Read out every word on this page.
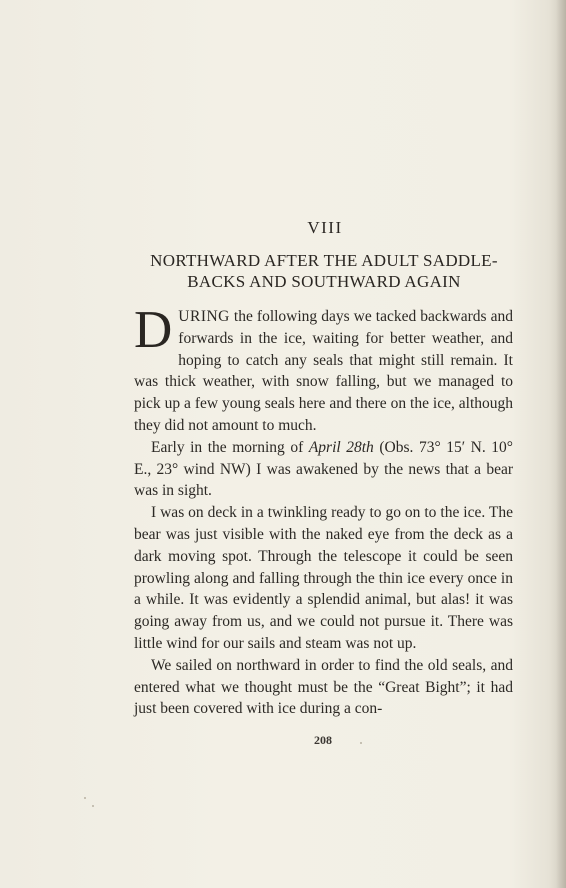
VIII
NORTHWARD AFTER THE ADULT SADDLE-
BACKS AND SOUTHWARD AGAIN

DURING the following days we tacked backwards and forwards in the ice, waiting for better weather, and hoping to catch any seals that might still remain. It was thick weather, with snow falling, but we managed to pick up a few young seals here and there on the ice, although they did not amount to much.

Early in the morning of April 28th (Obs. 73° 15′ N. 10° E., 23° wind NW) I was awakened by the news that a bear was in sight.

I was on deck in a twinkling ready to go on to the ice. The bear was just visible with the naked eye from the deck as a dark moving spot. Through the telescope it could be seen prowling along and falling through the thin ice every once in a while. It was evidently a splendid animal, but alas! it was going away from us, and we could not pursue it. There was little wind for our sails and steam was not up.

We sailed on northward in order to find the old seals, and entered what we thought must be the “Great Bight”; it had just been covered with ice during a con-

208
